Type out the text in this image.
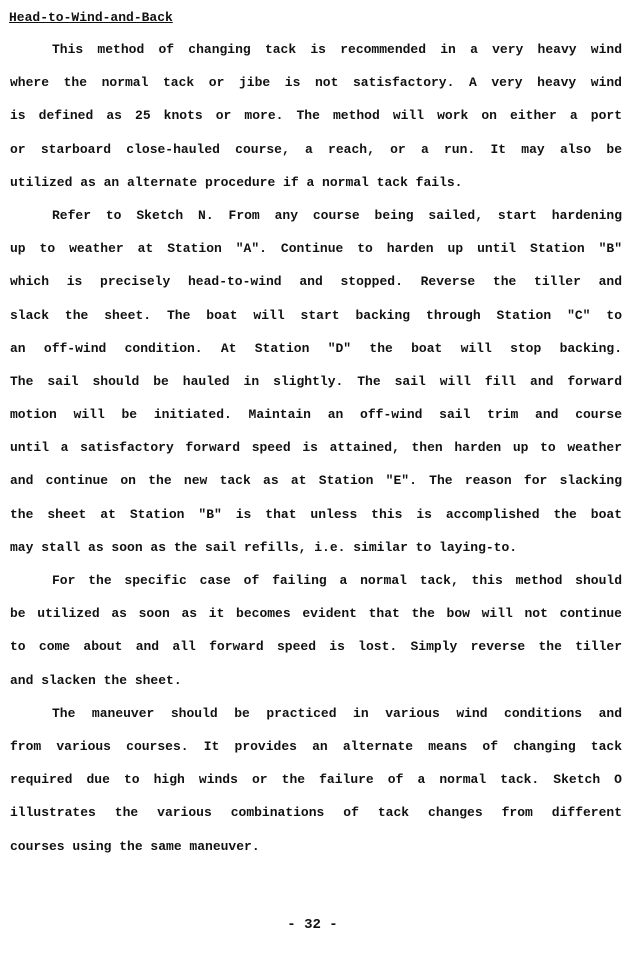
Head-to-Wind-and-Back

This method of changing tack is recommended in a very heavy wind
where the normal tack or jibe is not satisfactory. A very heavy wind
is defined as 25 knots or more. The method will work on either a port
or starboard close-hauled course, a reach, or a run. It may also be
utilized as an alternate procedure if a normal tack fails.

Refer to Sketch N. From any course being sailed, start hardening
up to weather at Station "A". Continue to harden up until Station "B"
which is precisely head-to-wind and stopped. Reverse the tiller and
slack the sheet. The boat will start backing through Station "C" to
an off-wind condition. At Station "D" the boat will stop backing.
The sail should be hauled in slightly. The sail will fill and forward
motion will be initiated. Maintain an off-wind sail trim and course
until a satisfactory forward speed is attained, then harden up to weather
and continue on the new tack as at Station "E". The reason for slacking
the sheet at Station "B" is that unless this is accomplished the boat
may stall as soon as the sail refills, i.e. similar to laying-to.

For the specific case of failing a normal tack, this method should
be utilized as soon as it becomes evident that the bow will not continue
to come about and all forward speed is lost. Simply reverse the tiller
and slacken the sheet.

The maneuver should be practiced in various wind conditions and
from various courses. It provides an alternate means of changing tack
required due to high winds or the failure of a normal tack. Sketch O
illustrates the various combinations of tack changes from different
courses using the same maneuver.

- 32 -
